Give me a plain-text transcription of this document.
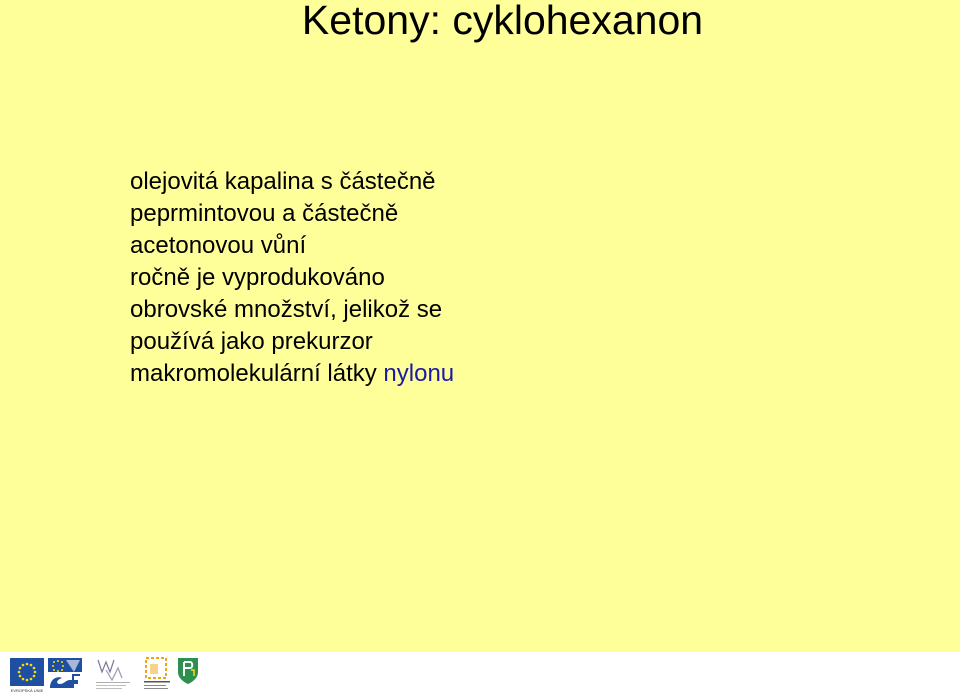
Ketony: cyklohexanon

olejovitá kapalina s částečně

peprmintovou a částečně

acetonovou vůní

ročně je vyprodukováno

obrovské množství, jelikož se

používá jako prekurzor

makromolekulární látky nylonu

EVROPSKÁ UNIE
